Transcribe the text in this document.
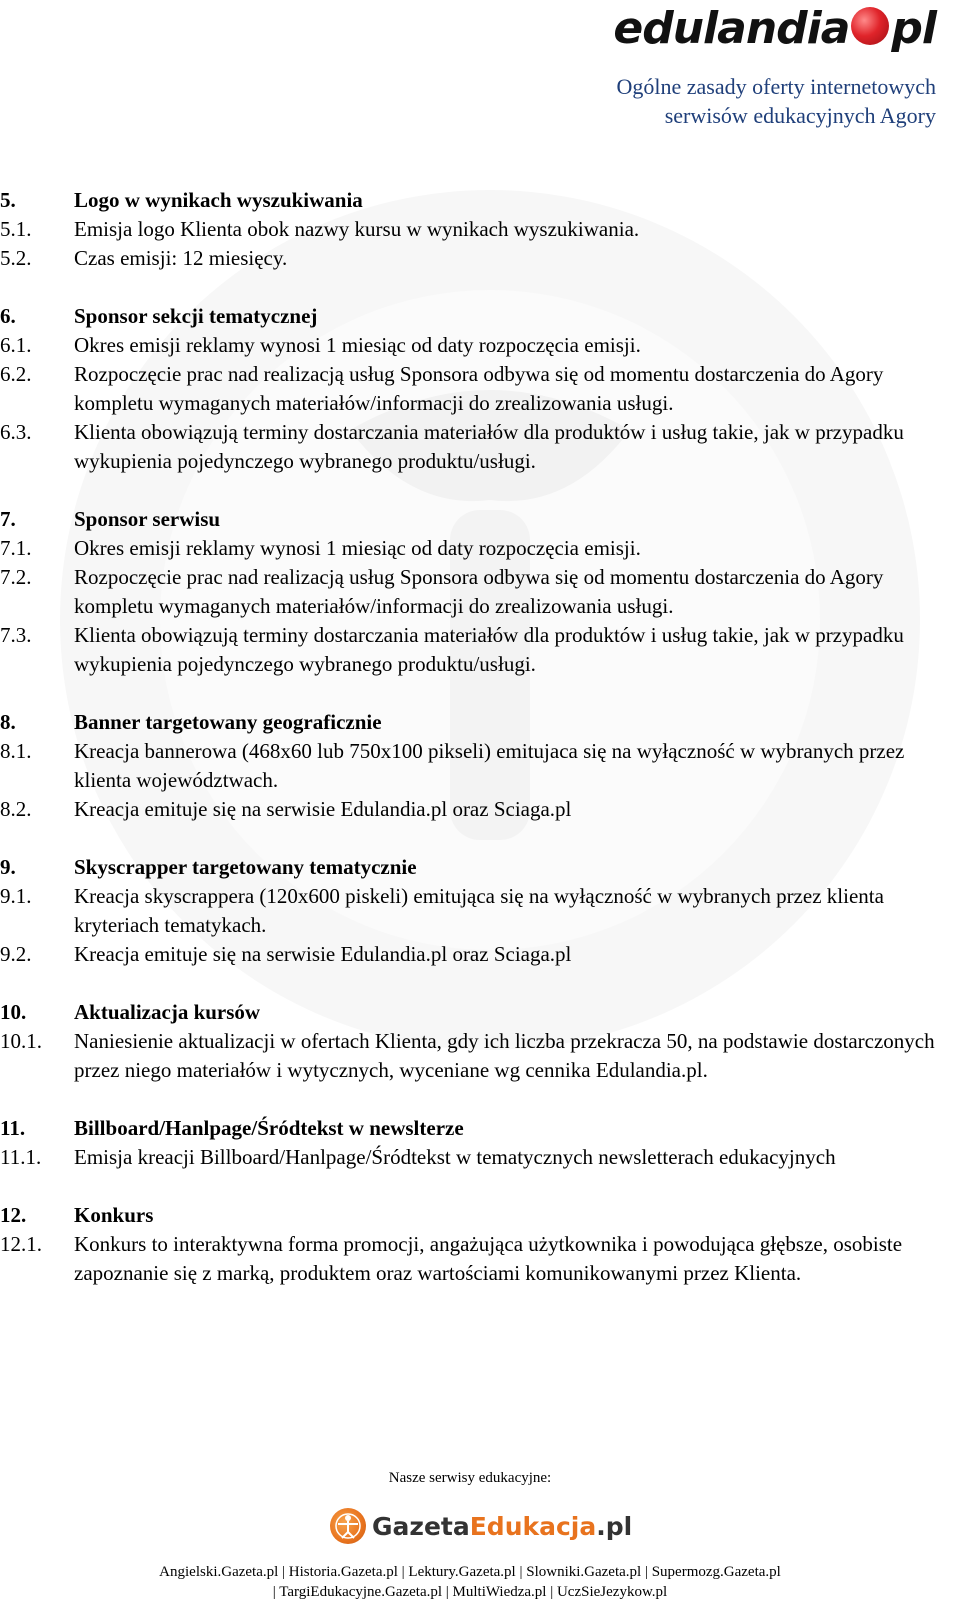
edulandia pl
Ogólne zasady oferty internetowych
serwisów edukacyjnych Agory
5.	Logo w wynikach wyszukiwania
5.1.	Emisja logo Klienta obok nazwy kursu w wynikach wyszukiwania.
5.2.	Czas emisji: 12 miesięcy.
6.	Sponsor sekcji tematycznej
6.1.	Okres emisji reklamy wynosi 1 miesiąc od daty rozpoczęcia emisji.
6.2.	Rozpoczęcie prac nad realizacją usług Sponsora odbywa się od momentu dostarczenia do Agory kompletu wymaganych materiałów/informacji do zrealizowania usługi.
6.3.	Klienta obowiązują terminy dostarczania materiałów dla produktów i usług takie, jak w przypadku wykupienia pojedynczego wybranego produktu/usługi.
7.	Sponsor serwisu
7.1.	Okres emisji reklamy wynosi 1 miesiąc od daty rozpoczęcia emisji.
7.2.	Rozpoczęcie prac nad realizacją usług Sponsora odbywa się od momentu dostarczenia do Agory kompletu wymaganych materiałów/informacji do zrealizowania usługi.
7.3.	Klienta obowiązują terminy dostarczania materiałów dla produktów i usług takie, jak w przypadku wykupienia pojedynczego wybranego produktu/usługi.
8.	Banner targetowany geograficznie
8.1.	Kreacja bannerowa (468x60 lub 750x100 pikseli) emitujaca się na wyłączność w wybranych przez klienta województwach.
8.2.	Kreacja emituje się na serwisie Edulandia.pl oraz Sciaga.pl
9.	Skyscrapper targetowany tematycznie
9.1.	Kreacja skyscrappera (120x600 piskeli) emitująca się na wyłączność w wybranych przez klienta kryteriach tematykach.
9.2.	Kreacja emituje się na serwisie Edulandia.pl oraz Sciaga.pl
10.	Aktualizacja kursów
10.1.	Naniesienie aktualizacji w ofertach Klienta, gdy ich liczba przekracza 50, na podstawie dostarczonych przez niego materiałów i wytycznych, wyceniane wg cennika Edulandia.pl.
11.	Billboard/Hanlpage/Śródtekst w newslterze
11.1.	Emisja kreacji Billboard/Hanlpage/Śródtekst w tematycznych newsletterach edukacyjnych
12.	Konkurs
12.1.	Konkurs to interaktywna forma promocji, angażująca użytkownika i powodująca głębsze, osobiste zapoznanie się z marką, produktem oraz wartościami komunikowanymi przez Klienta.
Nasze serwisy edukacyjne:
GazetaEdukacja.pl
Angielski.Gazeta.pl | Historia.Gazeta.pl | Lektury.Gazeta.pl | Slowniki.Gazeta.pl | Supermozg.Gazeta.pl
| TargiEdukacyjne.Gazeta.pl | MultiWiedza.pl | UczSieJezykow.pl
